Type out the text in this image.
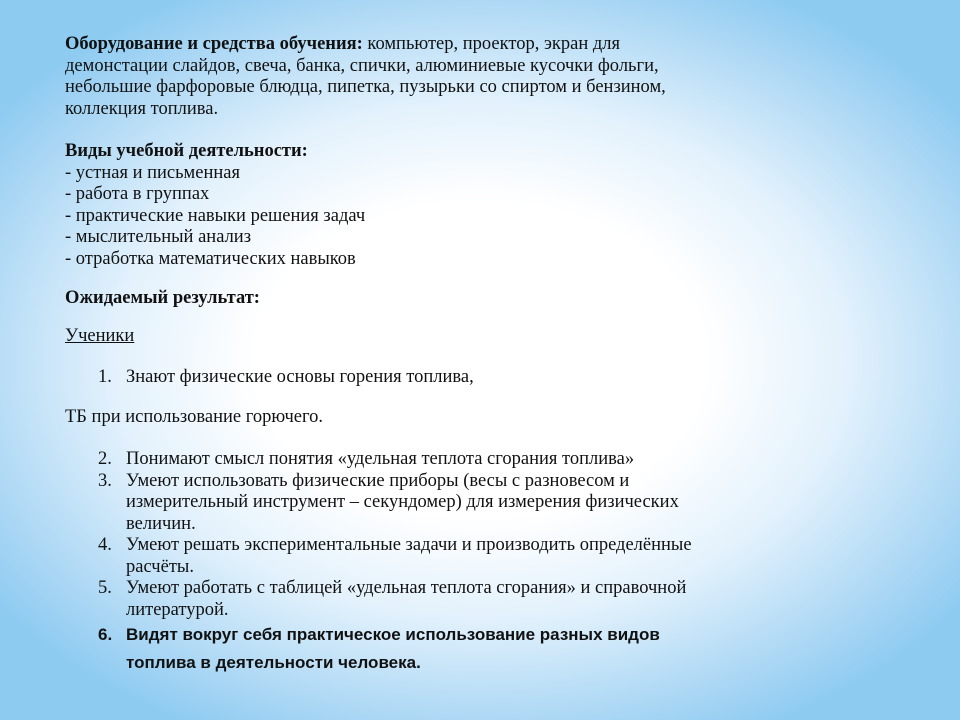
Оборудование и средства обучения: компьютер, проектор, экран для
демонстации слайдов, свеча, банка, спички, алюминиевые кусочки фольги,
небольшие фарфоровые блюдца, пипетка, пузырьки со спиртом и бензином,
коллекция топлива.
Виды учебной деятельности:
- устная и письменная
- работа в группах
- практические навыки решения задач
- мыслительный анализ
- отработка математических навыков
Ожидаемый результат:
Ученики
1. Знают физические основы горения топлива,
ТБ при использование горючего.
2. Понимают смысл понятия «удельная теплота сгорания топлива»
3. Умеют использовать физические приборы (весы с разновесом и
измерительный инструмент – секундомер) для измерения физических
величин.
4. Умеют решать экспериментальные задачи и производить определённые
расчёты.
5. Умеют работать с таблицей «удельная теплота сгорания» и справочной
литературой.
6. Видят вокруг себя практическое использование разных видов
топлива в деятельности человека.
